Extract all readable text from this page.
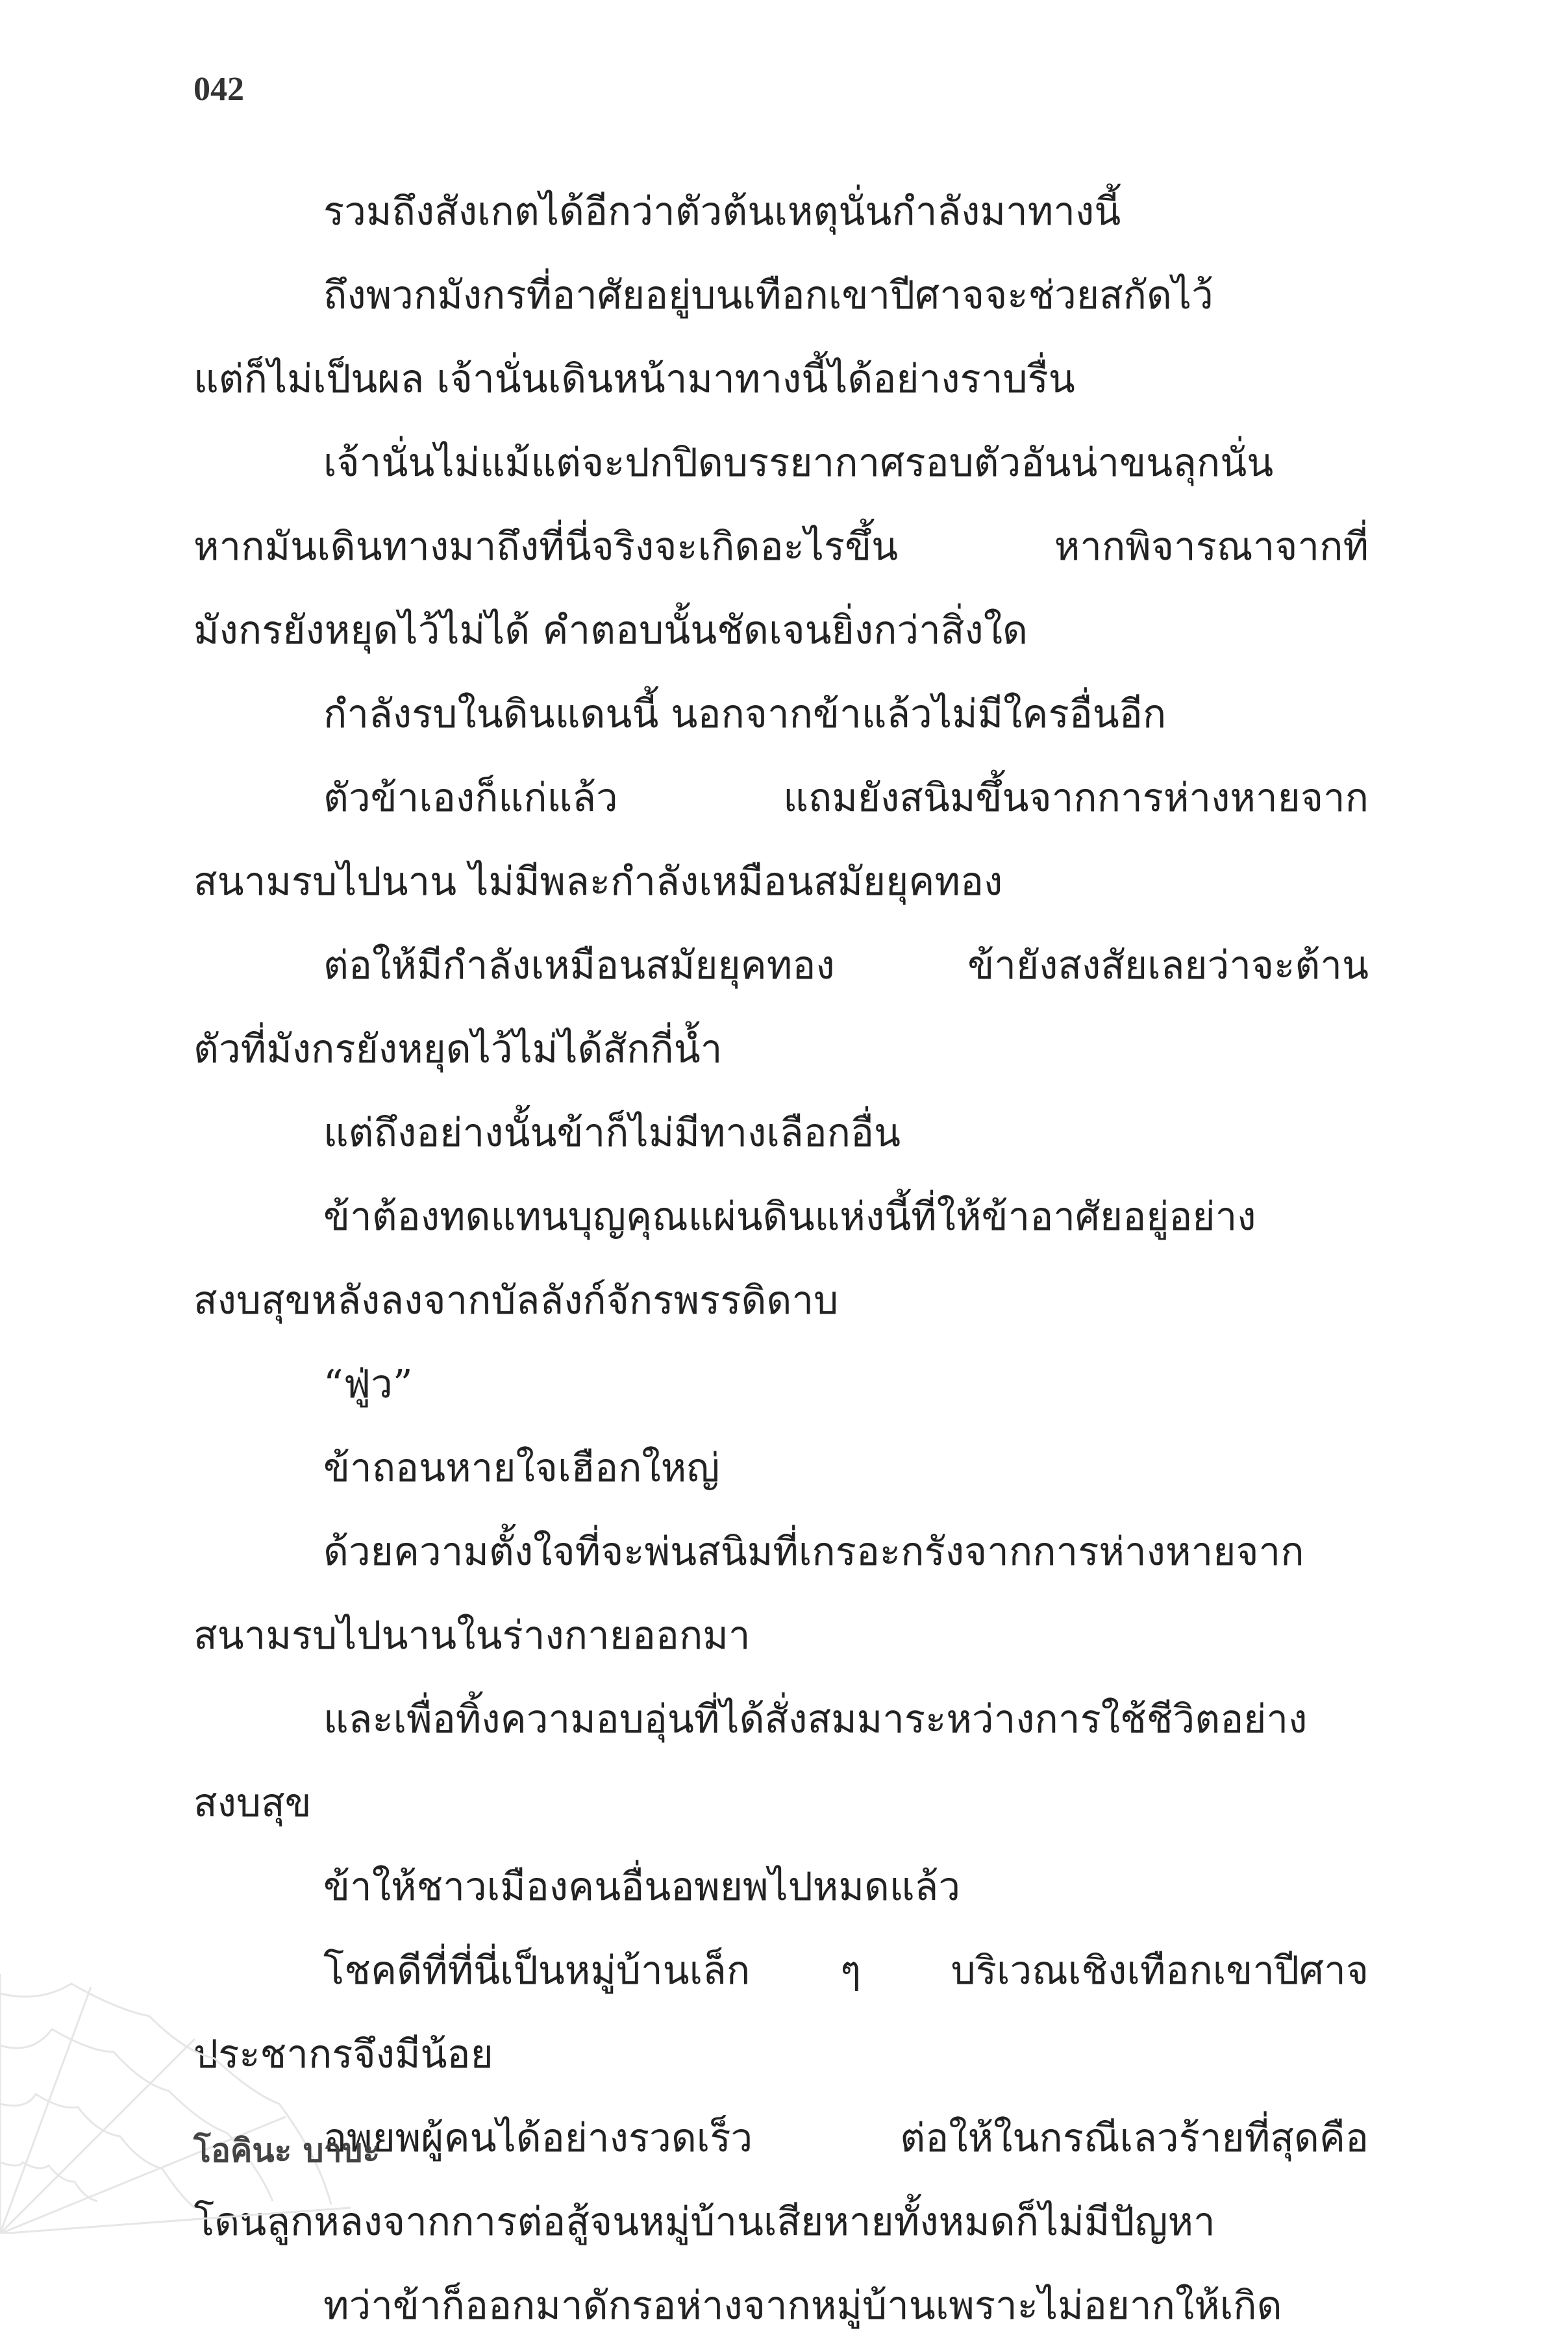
042
รวมถึงสังเกตได้อีกว่าตัวต้นเหตุนั่นกำลังมาทางนี้
ถึงพวกมังกรที่อาศัยอยู่บนเทือกเขาปีศาจจะช่วยสกัดไว้
แต่ก็ไม่เป็นผล เจ้านั่นเดินหน้ามาทางนี้ได้อย่างราบรื่น
เจ้านั่นไม่แม้แต่จะปกปิดบรรยากาศรอบตัวอันน่าขนลุกนั่น
หากมันเดินทางมาถึงที่นี่จริงจะเกิดอะไรขึ้น หากพิจารณาจากที่
มังกรยังหยุดไว้ไม่ได้ คำตอบนั้นชัดเจนยิ่งกว่าสิ่งใด
กำลังรบในดินแดนนี้ นอกจากข้าแล้วไม่มีใครอื่นอีก
ตัวข้าเองก็แก่แล้ว แถมยังสนิมขึ้นจากการห่างหายจาก
สนามรบไปนาน ไม่มีพละกำลังเหมือนสมัยยุคทอง
ต่อให้มีกำลังเหมือนสมัยยุคทอง ข้ายังสงสัยเลยว่าจะต้าน
ตัวที่มังกรยังหยุดไว้ไม่ได้สักกี่น้ำ
แต่ถึงอย่างนั้นข้าก็ไม่มีทางเลือกอื่น
ข้าต้องทดแทนบุญคุณแผ่นดินแห่งนี้ที่ให้ข้าอาศัยอยู่อย่าง
สงบสุขหลังลงจากบัลลังก์จักรพรรดิดาบ
“ฟู่ว”
ข้าถอนหายใจเฮือกใหญ่
ด้วยความตั้งใจที่จะพ่นสนิมที่เกรอะกรังจากการห่างหายจาก
สนามรบไปนานในร่างกายออกมา
และเพื่อทิ้งความอบอุ่นที่ได้สั่งสมมาระหว่างการใช้ชีวิตอย่าง
สงบสุข
ข้าให้ชาวเมืองคนอื่นอพยพไปหมดแล้ว
โชคดีที่ที่นี่เป็นหมู่บ้านเล็ก ๆ บริเวณเชิงเทือกเขาปีศาจ
ประชากรจึงมีน้อย
อพยพผู้คนได้อย่างรวดเร็ว ต่อให้ในกรณีเลวร้ายที่สุดคือ
โดนลูกหลงจากการต่อสู้จนหมู่บ้านเสียหายทั้งหมดก็ไม่มีปัญหา
ทว่าข้าก็ออกมาดักรอห่างจากหมู่บ้านเพราะไม่อยากให้เกิด
โอคินะ บาบะ
